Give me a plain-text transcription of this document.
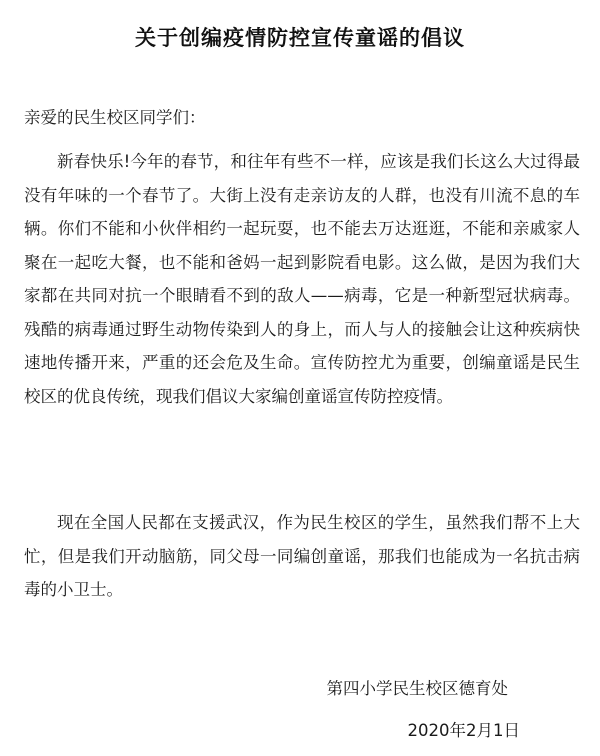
关于创编疫情防控宣传童谣的倡议
亲爱的民生校区同学们：

新春快乐!今年的春节，和往年有些不一样，应该是我们长这么大过得最没有年味的一个春节了。大街上没有走亲访友的人群，也没有川流不息的车辆。你们不能和小伙伴相约一起玩耍，也不能去万达逛逛，不能和亲戚家人聚在一起吃大餐，也不能和爸妈一起到影院看电影。这么做，是因为我们大家都在共同对抗一个眼睛看不到的敌人——病毒，它是一种新型冠状病毒。残酷的病毒通过野生动物传染到人的身上，而人与人的接触会让这种疾病快速地传播开来，严重的还会危及生命。宣传防控尤为重要，创编童谣是民生校区的优良传统，现我们倡议大家编创童谣宣传防控疫情。

现在全国人民都在支援武汉，作为民生校区的学生，虽然我们帮不上大忙，但是我们开动脑筋，同父母一同编创童谣，那我们也能成为一名抗击病毒的小卫士。

第四小学民生校区德育处
2020年2月1日
